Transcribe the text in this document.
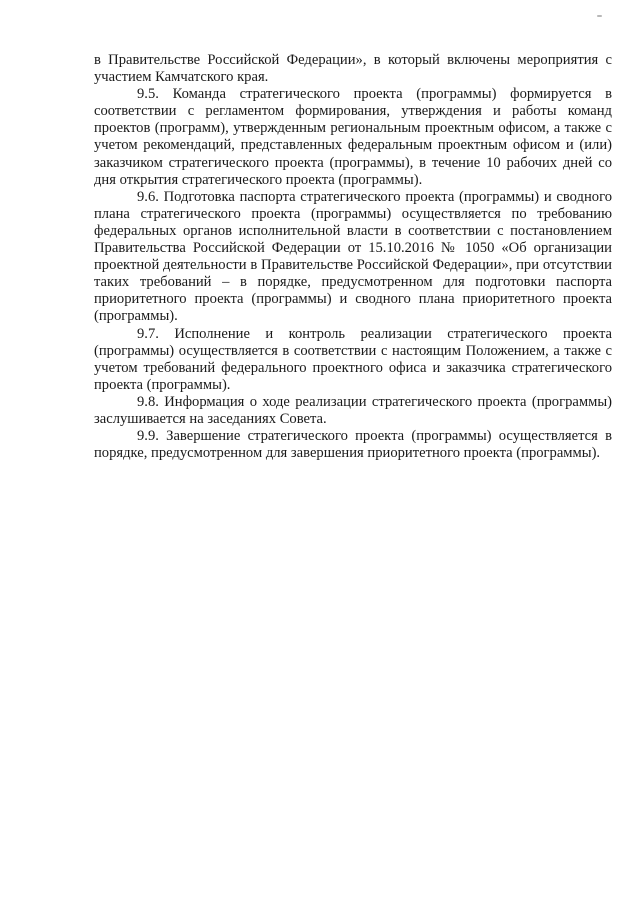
в Правительстве Российской Федерации», в который включены мероприятия с участием Камчатского края.

9.5. Команда стратегического проекта (программы) формируется в соответствии с регламентом формирования, утверждения и работы команд проектов (программ), утвержденным региональным проектным офисом, а также с учетом рекомендаций, представленных федеральным проектным офисом и (или) заказчиком стратегического проекта (программы), в течение 10 рабочих дней со дня открытия стратегического проекта (программы).

9.6. Подготовка паспорта стратегического проекта (программы) и сводного плана стратегического проекта (программы) осуществляется по требованию федеральных органов исполнительной власти в соответствии с постановлением Правительства Российской Федерации от 15.10.2016 № 1050 «Об организации проектной деятельности в Правительстве Российской Федерации», при отсутствии таких требований – в порядке, предусмотренном для подготовки паспорта приоритетного проекта (программы) и сводного плана приоритетного проекта (программы).

9.7. Исполнение и контроль реализации стратегического проекта (программы) осуществляется в соответствии с настоящим Положением, а также с учетом требований федерального проектного офиса и заказчика стратегического проекта (программы).

9.8. Информация о ходе реализации стратегического проекта (программы) заслушивается на заседаниях Совета.

9.9. Завершение стратегического проекта (программы) осуществляется в порядке, предусмотренном для завершения приоритетного проекта (программы).
